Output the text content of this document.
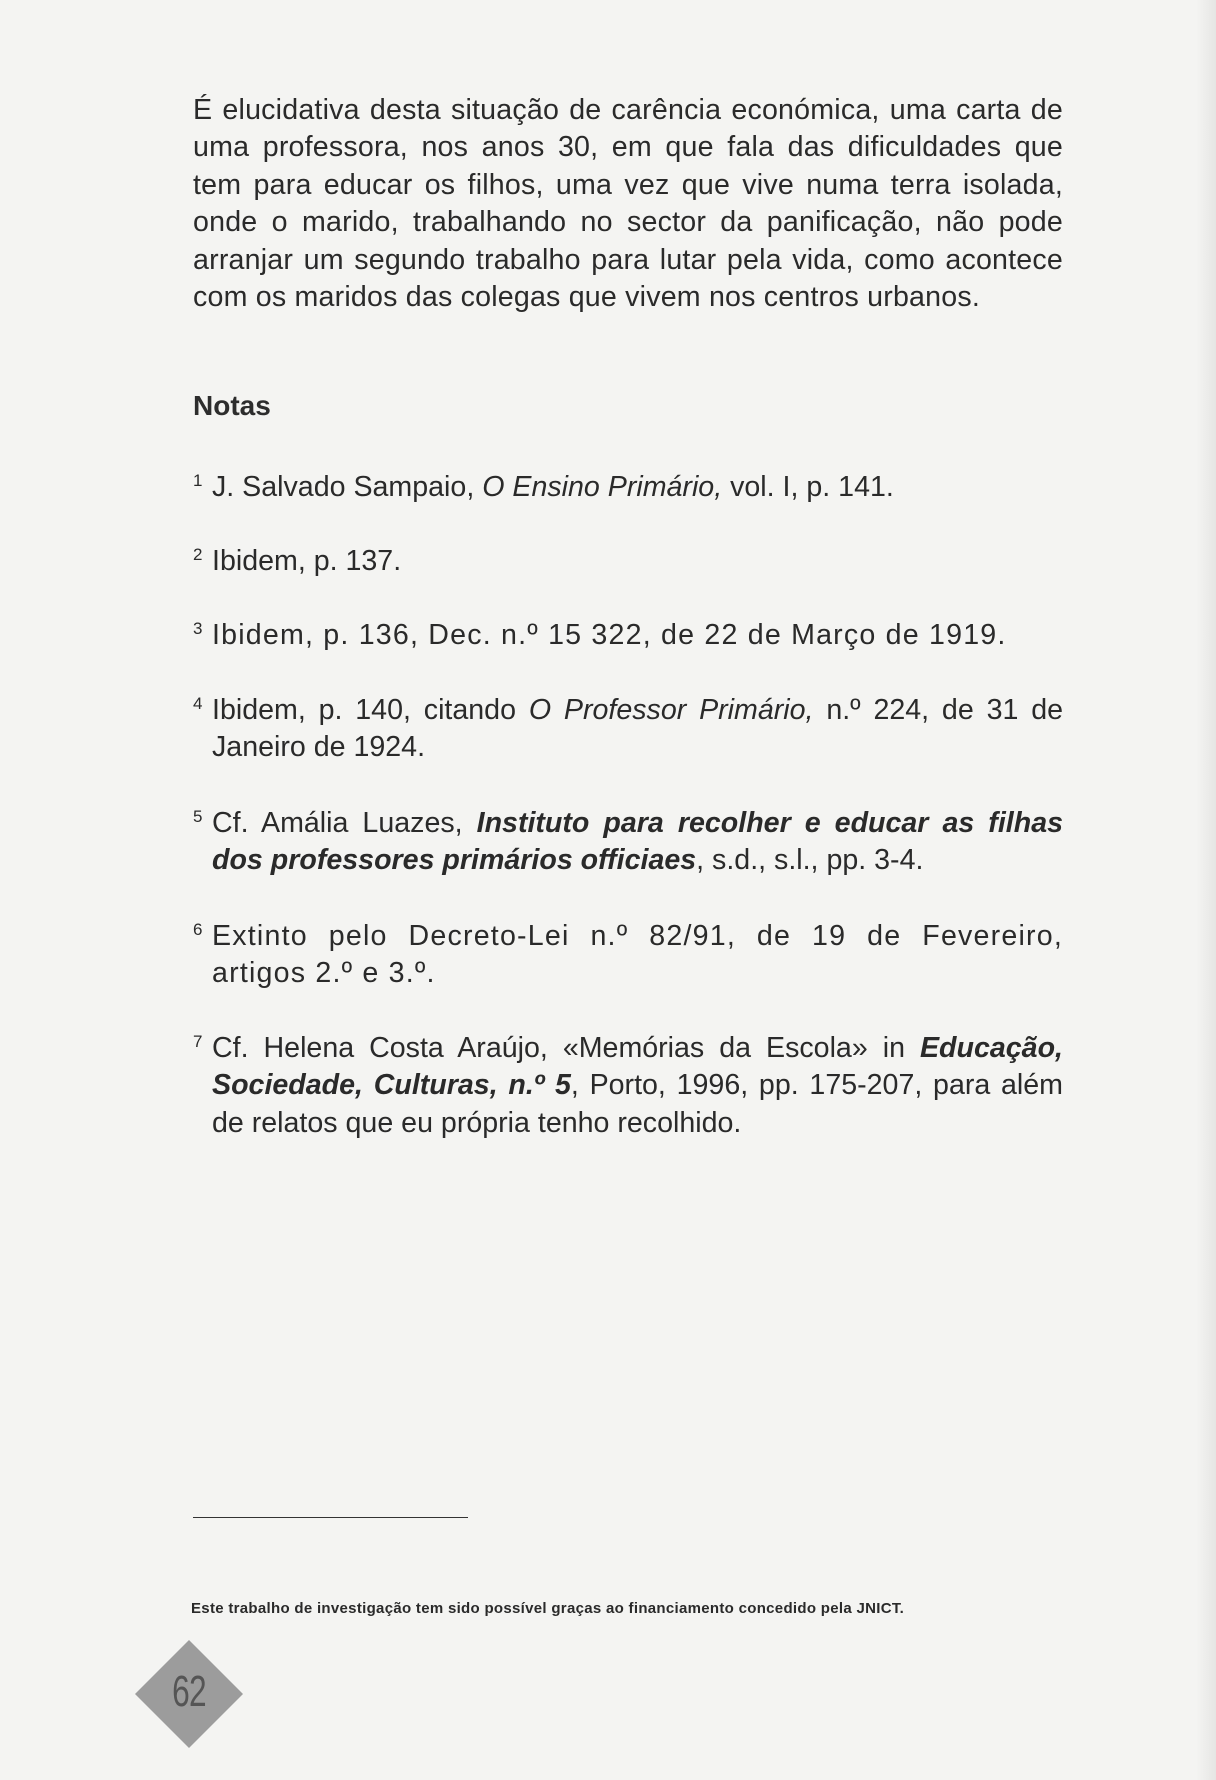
É elucidativa desta situação de carência económica, uma carta de uma professora, nos anos 30, em que fala das dificuldades que tem para educar os filhos, uma vez que vive numa terra isolada, onde o marido, trabalhando no sector da panificação, não pode arranjar um segundo trabalho para lutar pela vida, como acontece com os maridos das colegas que vivem nos centros urbanos.

Notas
1 J. Salvado Sampaio, O Ensino Primário, vol. I, p. 141.
2 Ibidem, p. 137.
3 Ibidem, p. 136, Dec. n.º 15 322, de 22 de Março de 1919.
4 Ibidem, p. 140, citando O Professor Primário, n.º 224, de 31 de Janeiro de 1924.
5 Cf. Amália Luazes, Instituto para recolher e educar as filhas dos professores primários officiaes, s.d., s.l., pp. 3-4.
6 Extinto pelo Decreto-Lei n.º 82/91, de 19 de Fevereiro, artigos 2.º e 3.º.
7 Cf. Helena Costa Araújo, «Memórias da Escola» in Educação, Sociedade, Culturas, n.º 5, Porto, 1996, pp. 175-207, para além de relatos que eu própria tenho recolhido.

Este trabalho de investigação tem sido possível graças ao financiamento concedido pela JNICT.

62
